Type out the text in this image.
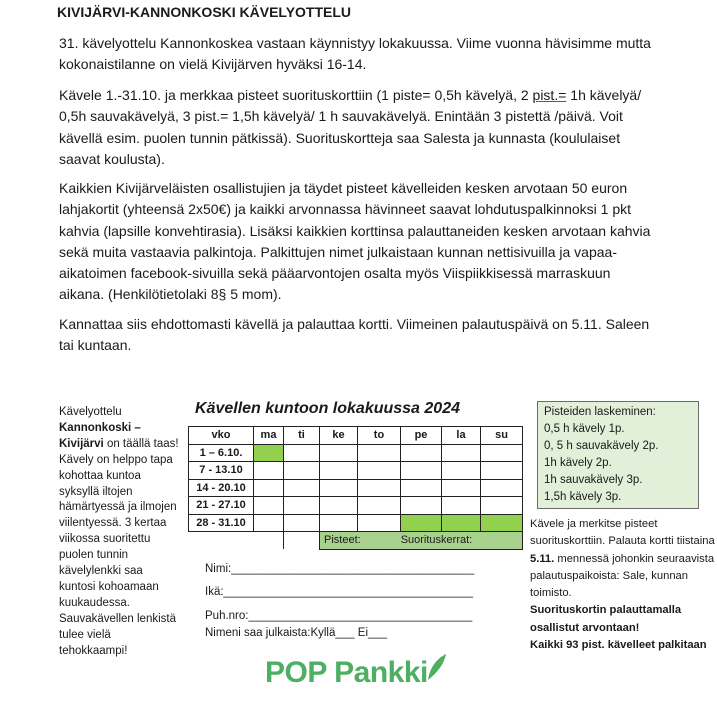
KIVIJÄRVI-KANNONKOSKI KÄVELYOTTELU
31. kävelyottelu Kannonkoskea vastaan käynnistyy lokakuussa. Viime vuonna hävisimme mutta kokonaistilanne on vielä Kivijärven hyväksi 16-14.
Kävele 1.-31.10. ja merkkaa pisteet suorituskorttiin (1 piste= 0,5h kävelyä, 2 pist.= 1h kävelyä/ 0,5h sauvakävelyä, 3 pist.= 1,5h kävelyä/ 1 h sauvakävelyä. Enintään 3 pistettä /päivä. Voit kävellä esim. puolen tunnin pätkissä). Suorituskortteja saa Salesta ja kunnasta (koululaiset saavat koulusta).
Kaikkien Kivijärveläisten osallistujien ja täydet pisteet kävelleiden kesken arvotaan 50 euron lahjakortit (yhteensä 2x50€) ja kaikki arvonnassa hävinneet saavat lohdutuspalkinnoksi 1 pkt kahvia (lapsille konvehtirasia). Lisäksi kaikkien korttinsa palauttaneiden kesken arvotaan kahvia sekä muita vastaavia palkintoja. Palkittujen nimet julkaistaan kunnan nettisivuilla ja vapaa-aikatoimen facebook-sivuilla sekä pääarvontojen osalta myös Viispiikkisessä marraskuun aikana. (Henkilötietolaki 8§ 5 mom).
Kannattaa siis ehdottomasti kävellä ja palauttaa kortti. Viimeinen palautuspäivä on 5.11. Saleen tai kuntaan.
Kävelyottelu Kannonkoski – Kivijärvi on täällä taas! Kävely on helppo tapa kohottaa kuntoa syksyllä iltojen hämärtyessä ja ilmojen viilentyessä. 3 kertaa viikossa suoritettu puolen tunnin kävelylenkki saa kuntosi kohoamaan kuukaudessa. Sauvakävellen lenkistä tulee vielä tehokkaampi!
Kävellen kuntoon lokakuussa 2024
vko	ma	ti	ke	to	pe	la	su
1 – 6.10.							
7 - 13.10							
14 - 20.10							
21 - 27.10							
28 - 31.10							
			Pisteet: Suorituskerrat:				
Nimi:______________________________________
Ikä:_______________________________________
Puh.nro:___________________________________
Nimeni saa julkaista:Kyllä___ Ei___
Pisteiden laskeminen:
0,5 h kävely 1p.
0, 5 h sauvakävely 2p.
1h kävely 2p.
1h sauvakävely 3p.
1,5h kävely 3p.
Kävele ja merkitse pisteet suorituskorttiin. Palauta kortti tiistaina 5.11. mennessä johonkin seuraavista palautuspaikoista: Sale, kunnan toimisto.
Suorituskortin palauttamalla osallistut arvontaan!
Kaikki 93 pist. kävelleet palkitaan
POP Pankki
